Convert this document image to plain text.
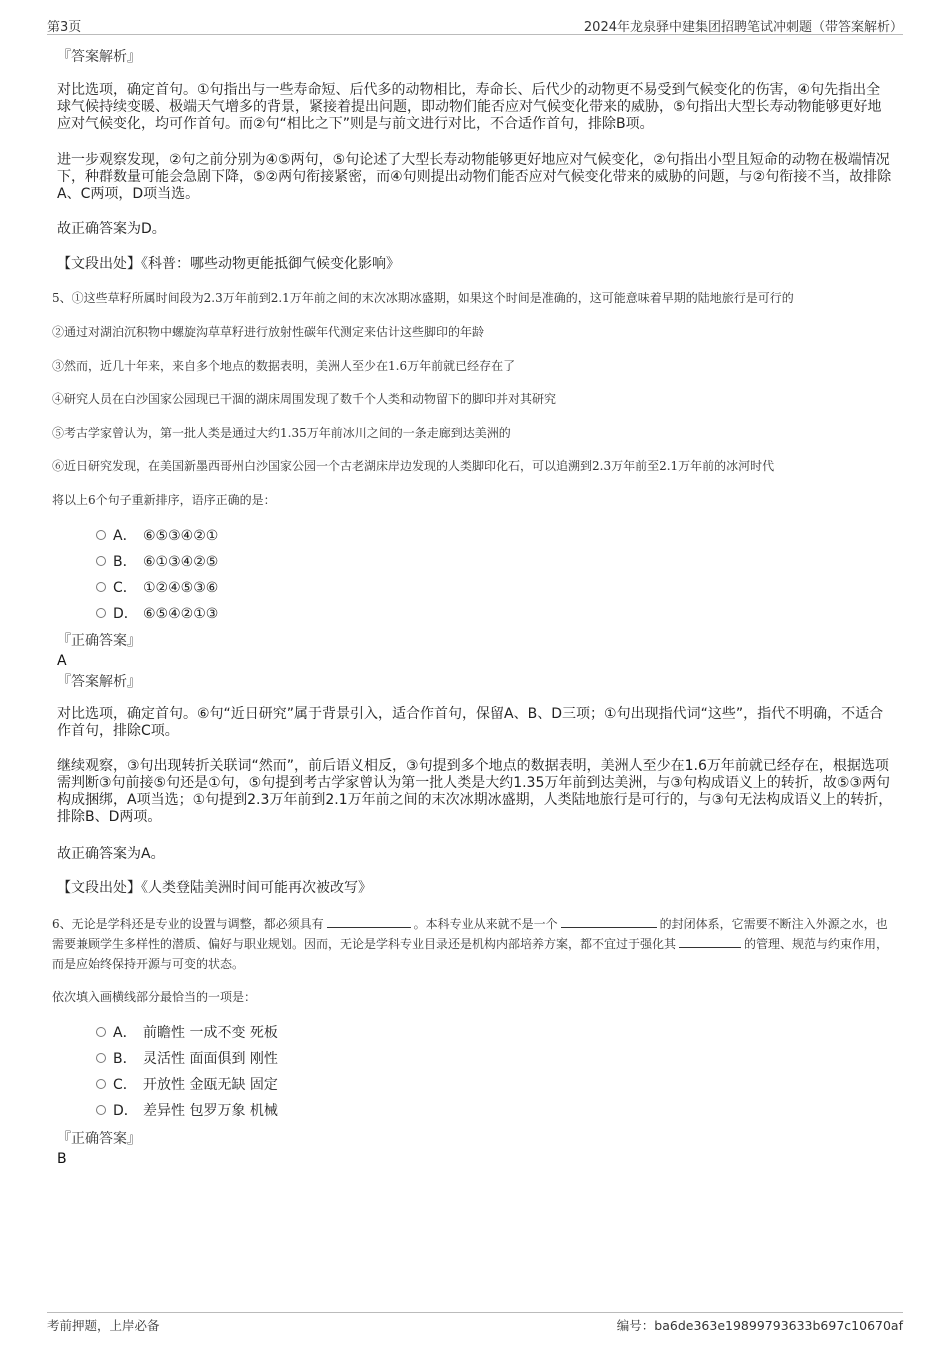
第3页	2024年龙泉驿中建集团招聘笔试冲刺题（带答案解析）
『答案解析』

对比选项，确定首句。①句指出与一些寿命短、后代多的动物相比，寿命长、后代少的动物更不易受到气候变化的伤害，④句先指出全球气候持续变暖、极端天气增多的背景，紧接着提出问题，即动物们能否应对气候变化带来的威胁，⑤句指出大型长寿动物能够更好地应对气候变化，均可作首句。而②句“相比之下”则是与前文进行对比，不合适作首句，排除B项。

进一步观察发现，②句之前分别为④⑤两句，⑤句论述了大型长寿动物能够更好地应对气候变化，②句指出小型且短命的动物在极端情况下，种群数量可能会急剧下降，⑤②两句衔接紧密，而④句则提出动物们能否应对气候变化带来的威胁的问题，与②句衔接不当，故排除A、C两项，D项当选。

故正确答案为D。
【文段出处】《科普：哪些动物更能抵御气候变化影响》
5、①这些草籽所属时间段为2.3万年前到2.1万年前之间的末次冰期冰盛期，如果这个时间是准确的，这可能意味着早期的陆地旅行是可行的
②通过对湖泊沉积物中螺旋沟草草籽进行放射性碳年代测定来估计这些脚印的年龄
③然而，近几十年来，来自多个地点的数据表明，美洲人至少在1.6万年前就已经存在了
④研究人员在白沙国家公园现已干涸的湖床周围发现了数千个人类和动物留下的脚印并对其研究
⑤考古学家曾认为，第一批人类是通过大约1.35万年前冰川之间的一条走廊到达美洲的
⑥近日研究发现，在美国新墨西哥州白沙国家公园一个古老湖床岸边发现的人类脚印化石，可以追溯到2.3万年前至2.1万年前的冰河时代
将以上6个句子重新排序，语序正确的是：
A． ⑥⑤③④②①
B． ⑥①③④②⑤
C． ①②④⑤③⑥
D． ⑥⑤④②①③
『正确答案』
A
『答案解析』

对比选项，确定首句。⑥句“近日研究”属于背景引入，适合作首句，保留A、B、D三项；①句出现指代词“这些”，指代不明确，不适合作首句，排除C项。

继续观察，③句出现转折关联词“然而”，前后语义相反，③句提到多个地点的数据表明，美洲人至少在1.6万年前就已经存在，根据选项需判断③句前接⑤句还是①句，⑤句提到考古学家曾认为第一批人类是大约1.35万年前到达美洲，与③句构成语义上的转折，故⑤③两句构成捆绑，A项当选；①句提到2.3万年前到2.1万年前之间的末次冰期冰盛期，人类陆地旅行是可行的，与③句无法构成语义上的转折，排除B、D两项。

故正确答案为A。
【文段出处】《人类登陆美洲时间可能再次被改写》
6、无论是学科还是专业的设置与调整，都必须具有	。本科专业从来就不是一个	的封闭体系，它需要不断注入外源之水，也需要兼顾学生多样性的潜质、偏好与职业规划。因而，无论是学科专业目录还是机构内部培养方案，都不宜过于强化其	的管理、规范与约束作用，而是应始终保持开源与可变的状态。
依次填入画横线部分最恰当的一项是：
A． 前瞻性 一成不变 死板
B． 灵活性 面面俱到 刚性
C． 开放性 金瓯无缺 固定
D． 差异性 包罗万象 机械
『正确答案』
B
考前押题，上岸必备	编号：ba6de363e19899793633b697c10670af
